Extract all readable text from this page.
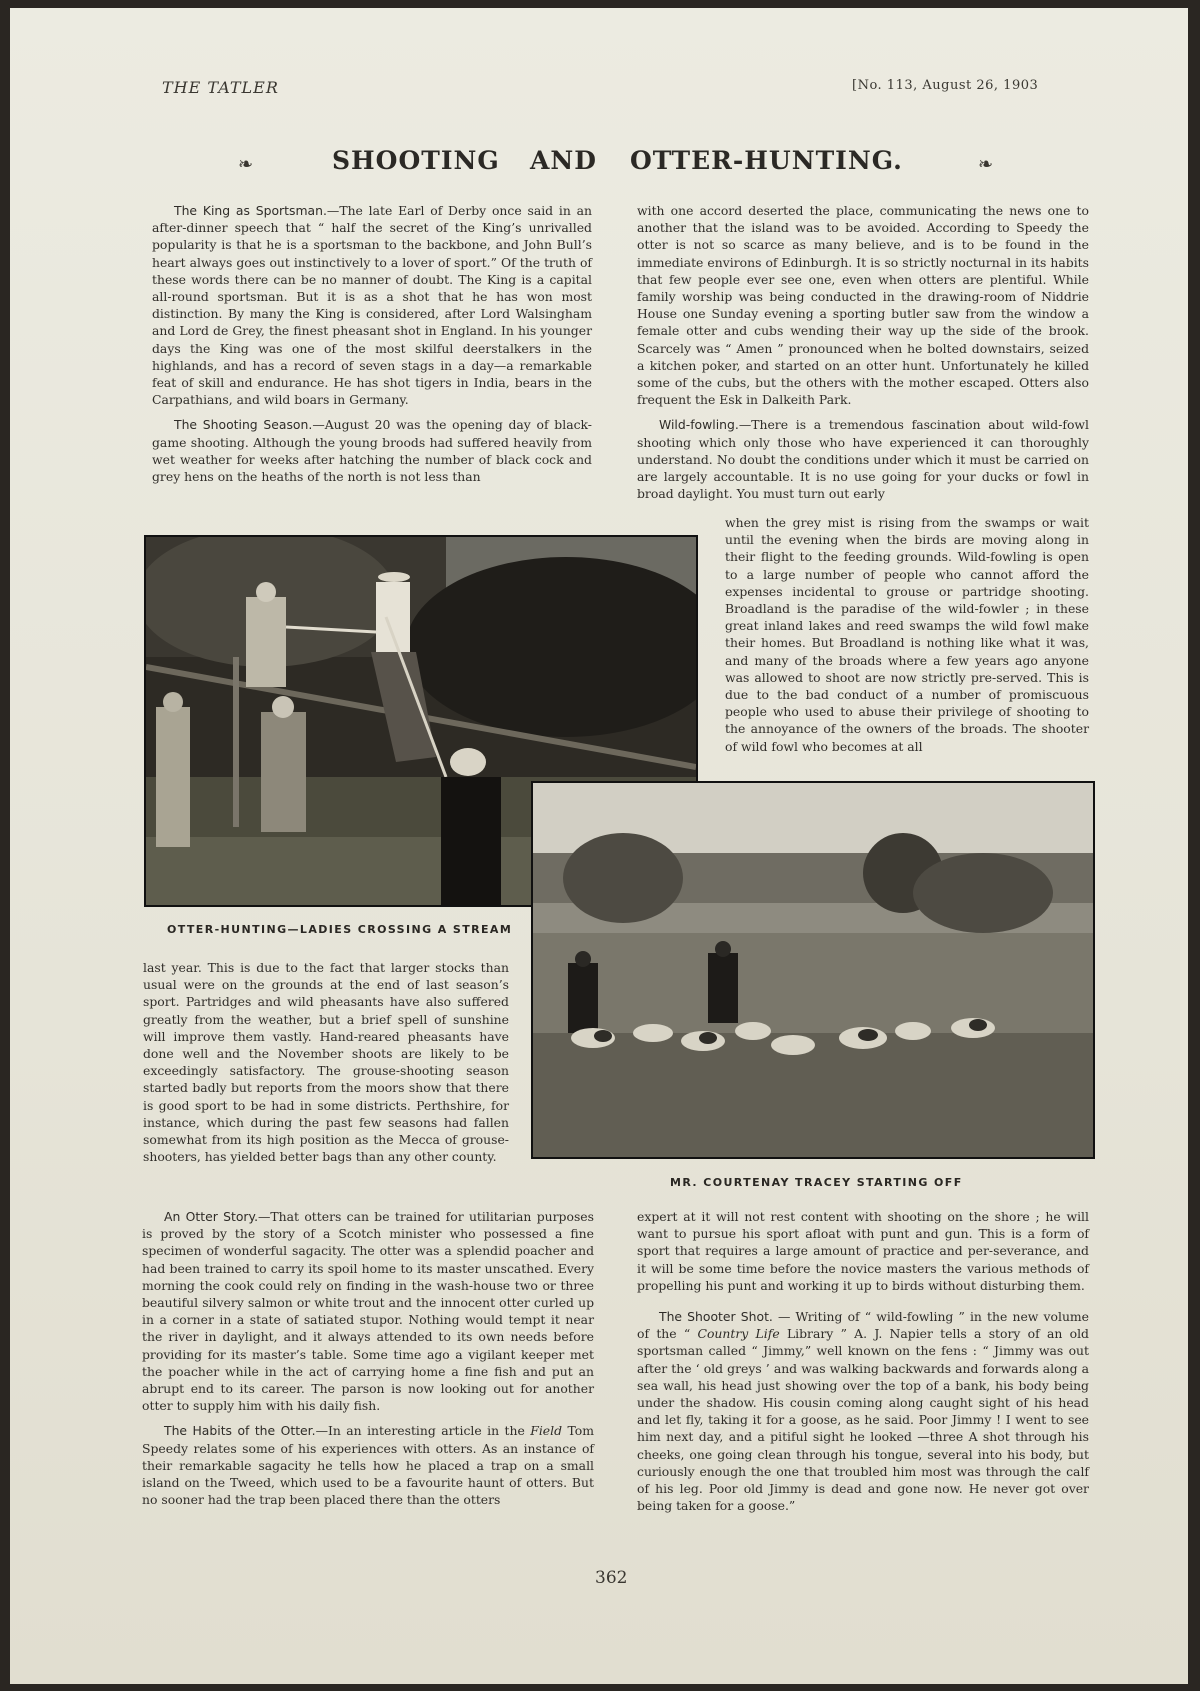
THE TATLER	[No. 113, August 26, 1903
❧	SHOOTING AND OTTER-HUNTING.	❧

The King as Sportsman.—The late Earl of Derby once said in an after-dinner speech that “ half the secret of the King’s unrivalled popularity is that he is a sportsman to the backbone, and John Bull’s heart always goes out instinctively to a lover of sport.” Of the truth of these words there can be no manner of doubt. The King is a capital all-round sportsman. But it is as a shot that he has won most distinction. By many the King is considered, after Lord Walsingham and Lord de Grey, the finest pheasant shot in England. In his younger days the King was one of the most skilful deerstalkers in the highlands, and has a record of seven stags in a day—a remarkable feat of skill and endurance. He has shot tigers in India, bears in the Carpathians, and wild boars in Germany.

The Shooting Season.—August 20 was the opening day of black-game shooting. Although the young broods had suffered heavily from wet weather for weeks after hatching the number of black cock and grey hens on the heaths of the north is not less than

with one accord deserted the place, communicating the news one to another that the island was to be avoided. According to Speedy the otter is not so scarce as many believe, and is to be found in the immediate environs of Edinburgh. It is so strictly nocturnal in its habits that few people ever see one, even when otters are plentiful. While family worship was being conducted in the drawing-room of Niddrie House one Sunday evening a sporting butler saw from the window a female otter and cubs wending their way up the side of the brook. Scarcely was “ Amen ” pronounced when he bolted downstairs, seized a kitchen poker, and started on an otter hunt. Unfortunately he killed some of the cubs, but the others with the mother escaped. Otters also frequent the Esk in Dalkeith Park.

Wild-fowling.—There is a tremendous fascination about wild-fowl shooting which only those who have experienced it can thoroughly understand. No doubt the conditions under which it must be carried on are largely accountable. It is no use going for your ducks or fowl in broad daylight. You must turn out early

when the grey mist is rising from the swamps or wait until the evening when the birds are moving along in their flight to the feeding grounds. Wild-fowling is open to a large number of people who cannot afford the expenses incidental to grouse or partridge shooting. Broadland is the paradise of the wild-fowler ; in these great inland lakes and reed swamps the wild fowl make their homes. But Broadland is nothing like what it was, and many of the broads where a few years ago anyone was allowed to shoot are now strictly pre-served. This is due to the bad conduct of a number of promiscuous people who used to abuse their privilege of shooting to the annoyance of the owners of the broads. The shooter of wild fowl who becomes at all

OTTER-HUNTING—LADIES CROSSING A STREAM

last year. This is due to the fact that larger stocks than usual were on the grounds at the end of last season’s sport. Partridges and wild pheasants have also suffered greatly from the weather, but a brief spell of sunshine will improve them vastly. Hand-reared pheasants have done well and the November shoots are likely to be exceedingly satisfactory. The grouse-shooting season started badly but reports from the moors show that there is good sport to be had in some districts. Perthshire, for instance, which during the past few seasons had fallen somewhat from its high position as the Mecca of grouse-shooters, has yielded better bags than any other county.

MR. COURTENAY TRACEY STARTING OFF

An Otter Story.—That otters can be trained for utilitarian purposes is proved by the story of a Scotch minister who possessed a fine specimen of wonderful sagacity. The otter was a splendid poacher and had been trained to carry its spoil home to its master unscathed. Every morning the cook could rely on finding in the wash-house two or three beautiful silvery salmon or white trout and the innocent otter curled up in a corner in a state of satiated stupor. Nothing would tempt it near the river in daylight, and it always attended to its own needs before providing for its master’s table. Some time ago a vigilant keeper met the poacher while in the act of carrying home a fine fish and put an abrupt end to its career. The parson is now looking out for another otter to supply him with his daily fish.

The Habits of the Otter.—In an interesting article in the Field Tom Speedy relates some of his experiences with otters. As an instance of their remarkable sagacity he tells how he placed a trap on a small island on the Tweed, which used to be a favourite haunt of otters. But no sooner had the trap been placed there than the otters

expert at it will not rest content with shooting on the shore ; he will want to pursue his sport afloat with punt and gun. This is a form of sport that requires a large amount of practice and per-severance, and it will be some time before the novice masters the various methods of propelling his punt and working it up to birds without disturbing them.

The Shooter Shot. — Writing of “ wild-fowling ” in the new volume of the “ Country Life Library ” A. J. Napier tells a story of an old sportsman called “ Jimmy,” well known on the fens : “ Jimmy was out after the ‘ old greys ’ and was walking backwards and forwards along a sea wall, his head just showing over the top of a bank, his body being under the shadow. His cousin coming along caught sight of his head and let fly, taking it for a goose, as he said. Poor Jimmy ! I went to see him next day, and a pitiful sight he looked —three A shot through his cheeks, one going clean through his tongue, several into his body, but curiously enough the one that troubled him most was through the calf of his leg. Poor old Jimmy is dead and gone now. He never got over being taken for a goose.”

362
